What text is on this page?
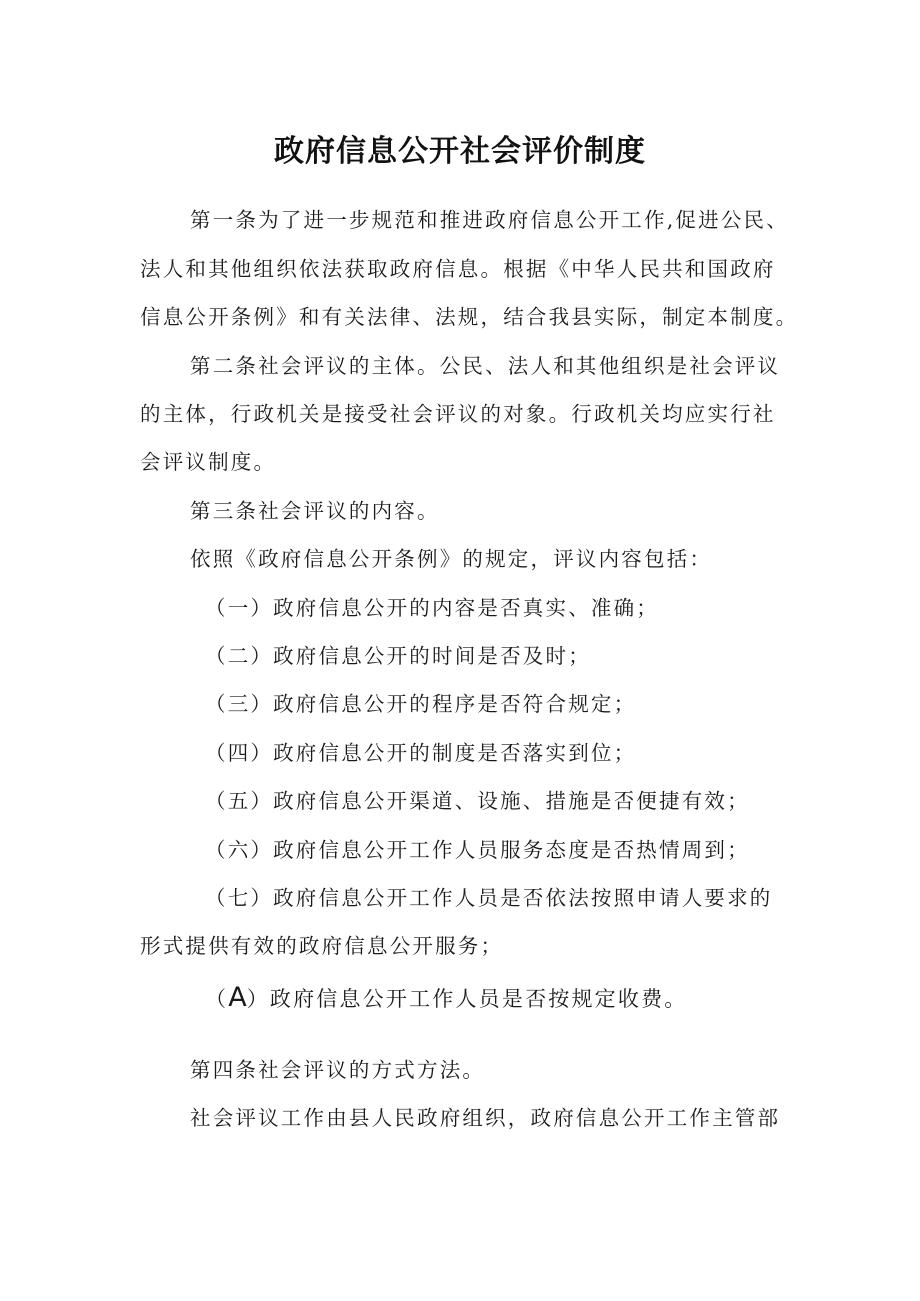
政府信息公开社会评价制度
第一条为了进一步规范和推进政府信息公开工作,促进公民、
法人和其他组织依法获取政府信息。根据《中华人民共和国政府
信息公开条例》和有关法律、法规，结合我县实际，制定本制度。
第二条社会评议的主体。公民、法人和其他组织是社会评议
的主体，行政机关是接受社会评议的对象。行政机关均应实行社
会评议制度。
第三条社会评议的内容。
依照《政府信息公开条例》的规定，评议内容包括：
（一）政府信息公开的内容是否真实、准确；
（二）政府信息公开的时间是否及时；
（三）政府信息公开的程序是否符合规定；
（四）政府信息公开的制度是否落实到位；
（五）政府信息公开渠道、设施、措施是否便捷有效；
（六）政府信息公开工作人员服务态度是否热情周到；
（七）政府信息公开工作人员是否依法按照申请人要求的
形式提供有效的政府信息公开服务；
（A）政府信息公开工作人员是否按规定收费。
第四条社会评议的方式方法。
社会评议工作由县人民政府组织，政府信息公开工作主管部
